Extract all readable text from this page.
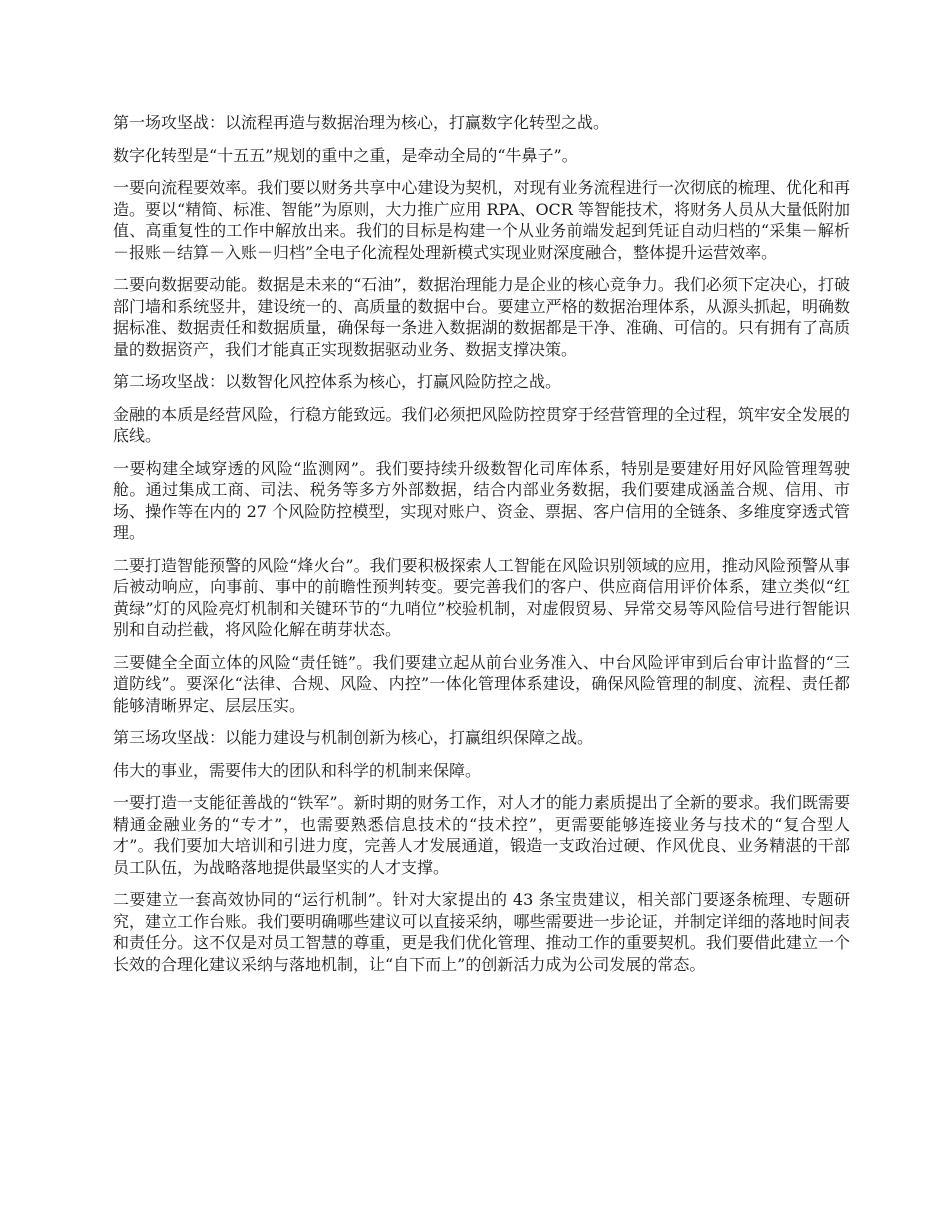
第一场攻坚战：以流程再造与数据治理为核心，打赢数字化转型之战。

数字化转型是“十五五”规划的重中之重，是牵动全局的“牛鼻子”。

一要向流程要效率。我们要以财务共享中心建设为契机，对现有业务流程进行一次彻底的梳理、优化和再造。要以“精简、标准、智能”为原则，大力推广应用 RPA、OCR 等智能技术，将财务人员从大量低附加值、高重复性的工作中解放出来。我们的目标是构建一个从业务前端发起到凭证自动归档的“采集－解析－报账－结算－入账－归档”全电子化流程处理新模式实现业财深度融合，整体提升运营效率。

二要向数据要动能。数据是未来的“石油”，数据治理能力是企业的核心竞争力。我们必须下定决心，打破部门墙和系统竖井，建设统一的、高质量的数据中台。要建立严格的数据治理体系，从源头抓起，明确数据标准、数据责任和数据质量，确保每一条进入数据湖的数据都是干净、准确、可信的。只有拥有了高质量的数据资产，我们才能真正实现数据驱动业务、数据支撑决策。

第二场攻坚战：以数智化风控体系为核心，打赢风险防控之战。

金融的本质是经营风险，行稳方能致远。我们必须把风险防控贯穿于经营管理的全过程，筑牢安全发展的底线。

一要构建全域穿透的风险“监测网”。我们要持续升级数智化司库体系，特别是要建好用好风险管理驾驶舱。通过集成工商、司法、税务等多方外部数据，结合内部业务数据，我们要建成涵盖合规、信用、市场、操作等在内的 27 个风险防控模型，实现对账户、资金、票据、客户信用的全链条、多维度穿透式管理。

二要打造智能预警的风险“烽火台”。我们要积极探索人工智能在风险识别领域的应用，推动风险预警从事后被动响应，向事前、事中的前瞻性预判转变。要完善我们的客户、供应商信用评价体系，建立类似“红黄绿”灯的风险亮灯机制和关键环节的“九哨位”校验机制，对虚假贸易、异常交易等风险信号进行智能识别和自动拦截，将风险化解在萌芽状态。

三要健全全面立体的风险“责任链”。我们要建立起从前台业务准入、中台风险评审到后台审计监督的“三道防线”。要深化“法律、合规、风险、内控”一体化管理体系建设，确保风险管理的制度、流程、责任都能够清晰界定、层层压实。

第三场攻坚战：以能力建设与机制创新为核心，打赢组织保障之战。

伟大的事业，需要伟大的团队和科学的机制来保障。

一要打造一支能征善战的“铁军”。新时期的财务工作，对人才的能力素质提出了全新的要求。我们既需要精通金融业务的“专才”，也需要熟悉信息技术的“技术控”，更需要能够连接业务与技术的“复合型人才”。我们要加大培训和引进力度，完善人才发展通道，锻造一支政治过硬、作风优良、业务精湛的干部员工队伍，为战略落地提供最坚实的人才支撑。

二要建立一套高效协同的“运行机制”。针对大家提出的 43 条宝贵建议，相关部门要逐条梳理、专题研究，建立工作台账。我们要明确哪些建议可以直接采纳，哪些需要进一步论证，并制定详细的落地时间表和责任分。这不仅是对员工智慧的尊重，更是我们优化管理、推动工作的重要契机。我们要借此建立一个长效的合理化建议采纳与落地机制，让“自下而上”的创新活力成为公司发展的常态。
